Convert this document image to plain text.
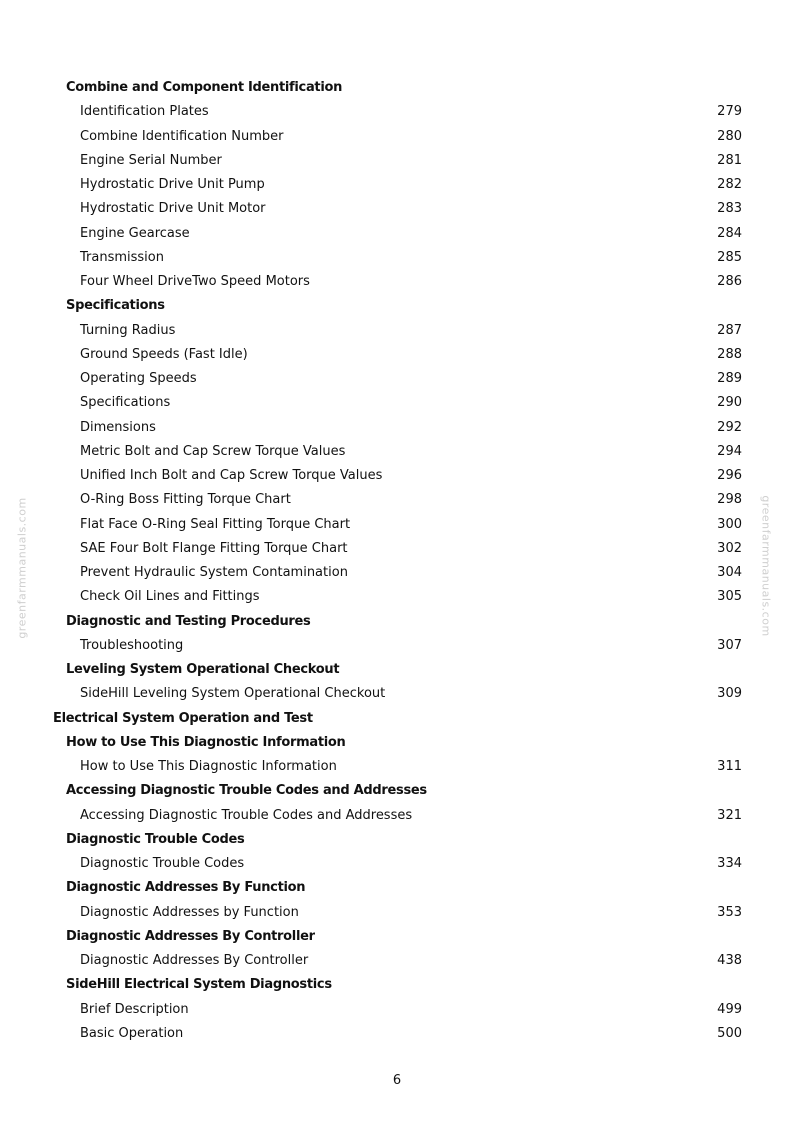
greenfarmmanuals.com	greenfarmmanuals.com
Combine and Component Identification
Identification Plates	279
Combine Identification Number	280
Engine Serial Number	281
Hydrostatic Drive Unit Pump	282
Hydrostatic Drive Unit Motor	283
Engine Gearcase	284
Transmission	285
Four Wheel DriveTwo Speed Motors	286
Specifications
Turning Radius	287
Ground Speeds (Fast Idle)	288
Operating Speeds	289
Specifications	290
Dimensions	292
Metric Bolt and Cap Screw Torque Values	294
Unified Inch Bolt and Cap Screw Torque Values	296
O-Ring Boss Fitting Torque Chart	298
Flat Face O-Ring Seal Fitting Torque Chart	300
SAE Four Bolt Flange Fitting Torque Chart	302
Prevent Hydraulic System Contamination	304
Check Oil Lines and Fittings	305
Diagnostic and Testing Procedures
Troubleshooting	307
Leveling System Operational Checkout
SideHill Leveling System Operational Checkout	309
Electrical System Operation and Test
How to Use This Diagnostic Information
How to Use This Diagnostic Information	311
Accessing Diagnostic Trouble Codes and Addresses
Accessing Diagnostic Trouble Codes and Addresses	321
Diagnostic Trouble Codes
Diagnostic Trouble Codes	334
Diagnostic Addresses By Function
Diagnostic Addresses by Function	353
Diagnostic Addresses By Controller
Diagnostic Addresses By Controller	438
SideHill Electrical System Diagnostics
Brief Description	499
Basic Operation	500
6
